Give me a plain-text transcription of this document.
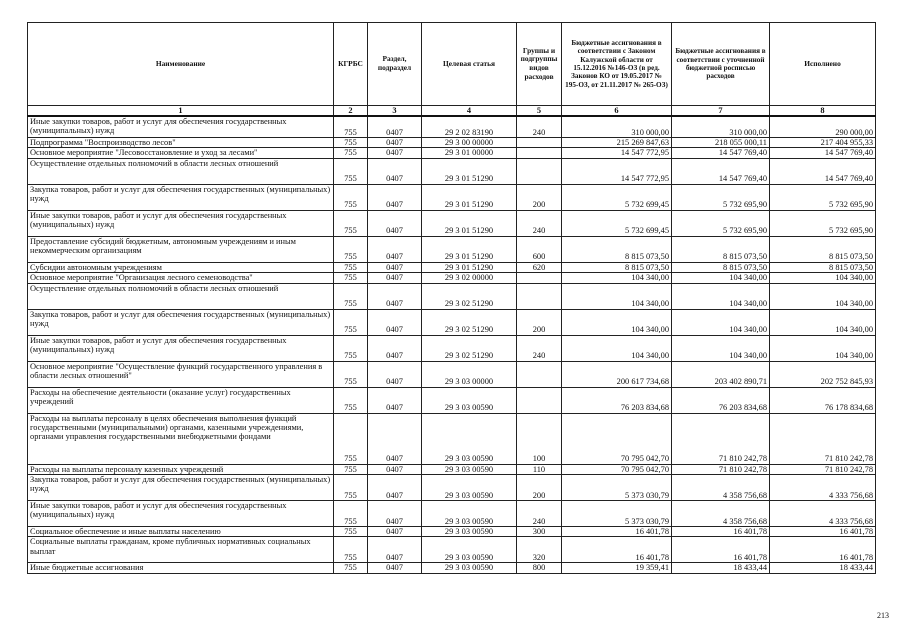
Наименование	КГРБС	Раздел, подраздел	Целевая статья	Группы и подгруппы видов расходов	Бюджетные ассигнования в соответствии с Законом Калужской области от 15.12.2016 №146-ОЗ (в ред. Законов КО от 19.05.2017 № 195-ОЗ, от 21.11.2017 № 265-ОЗ)	Бюджетные ассигнования в соответствии с уточненной бюджетной росписью расходов	Исполнено
1	2	3	4	5	6	7	8
Иные закупки товаров, работ и услуг для обеспечения государственных (муниципальных) нужд	755	0407	29 2 02 83190	240	310 000,00	310 000,00	290 000,00
Подпрограмма "Воспроизводство лесов"	755	0407	29 3 00 00000		215 269 847,63	218 055 000,11	217 404 955,33
Основное мероприятие "Лесовосстановление и уход за лесами"	755	0407	29 3 01 00000		14 547 772,95	14 547 769,40	14 547 769,40
Осуществление отдельных полномочий в области лесных отношений	755	0407	29 3 01 51290		14 547 772,95	14 547 769,40	14 547 769,40
Закупка товаров, работ и услуг для обеспечения государственных (муниципальных) нужд	755	0407	29 3 01 51290	200	5 732 699,45	5 732 695,90	5 732 695,90
Иные закупки товаров, работ и услуг для обеспечения государственных (муниципальных) нужд	755	0407	29 3 01 51290	240	5 732 699,45	5 732 695,90	5 732 695,90
Предоставление субсидий бюджетным, автономным учреждениям и иным некоммерческим организациям	755	0407	29 3 01 51290	600	8 815 073,50	8 815 073,50	8 815 073,50
Субсидии автономным учреждениям	755	0407	29 3 01 51290	620	8 815 073,50	8 815 073,50	8 815 073,50
Основное мероприятие "Организация лесного семеноводства"	755	0407	29 3 02 00000		104 340,00	104 340,00	104 340,00
Осуществление отдельных полномочий в области лесных отношений	755	0407	29 3 02 51290		104 340,00	104 340,00	104 340,00
Закупка товаров, работ и услуг для обеспечения государственных (муниципальных) нужд	755	0407	29 3 02 51290	200	104 340,00	104 340,00	104 340,00
Иные закупки товаров, работ и услуг для обеспечения государственных (муниципальных) нужд	755	0407	29 3 02 51290	240	104 340,00	104 340,00	104 340,00
Основное мероприятие "Осуществление функций государственного управления в области лесных отношений"	755	0407	29 3 03 00000		200 617 734,68	203 402 890,71	202 752 845,93
Расходы на обеспечение деятельности (оказание услуг) государственных учреждений	755	0407	29 3 03 00590		76 203 834,68	76 203 834,68	76 178 834,68
Расходы на выплаты персоналу в целях обеспечения выполнения функций государственными (муниципальными) органами, казенными учреждениями, органами управления государственными внебюджетными фондами	755	0407	29 3 03 00590	100	70 795 042,70	71 810 242,78	71 810 242,78
Расходы на выплаты персоналу казенных учреждений	755	0407	29 3 03 00590	110	70 795 042,70	71 810 242,78	71 810 242,78
Закупка товаров, работ и услуг для обеспечения государственных (муниципальных) нужд	755	0407	29 3 03 00590	200	5 373 030,79	4 358 756,68	4 333 756,68
Иные закупки товаров, работ и услуг для обеспечения государственных (муниципальных) нужд	755	0407	29 3 03 00590	240	5 373 030,79	4 358 756,68	4 333 756,68
Социальное обеспечение и иные выплаты населению	755	0407	29 3 03 00590	300	16 401,78	16 401,78	16 401,78
Социальные выплаты гражданам, кроме публичных нормативных социальных выплат	755	0407	29 3 03 00590	320	16 401,78	16 401,78	16 401,78
Иные бюджетные ассигнования	755	0407	29 3 03 00590	800	19 359,41	18 433,44	18 433,44
213
